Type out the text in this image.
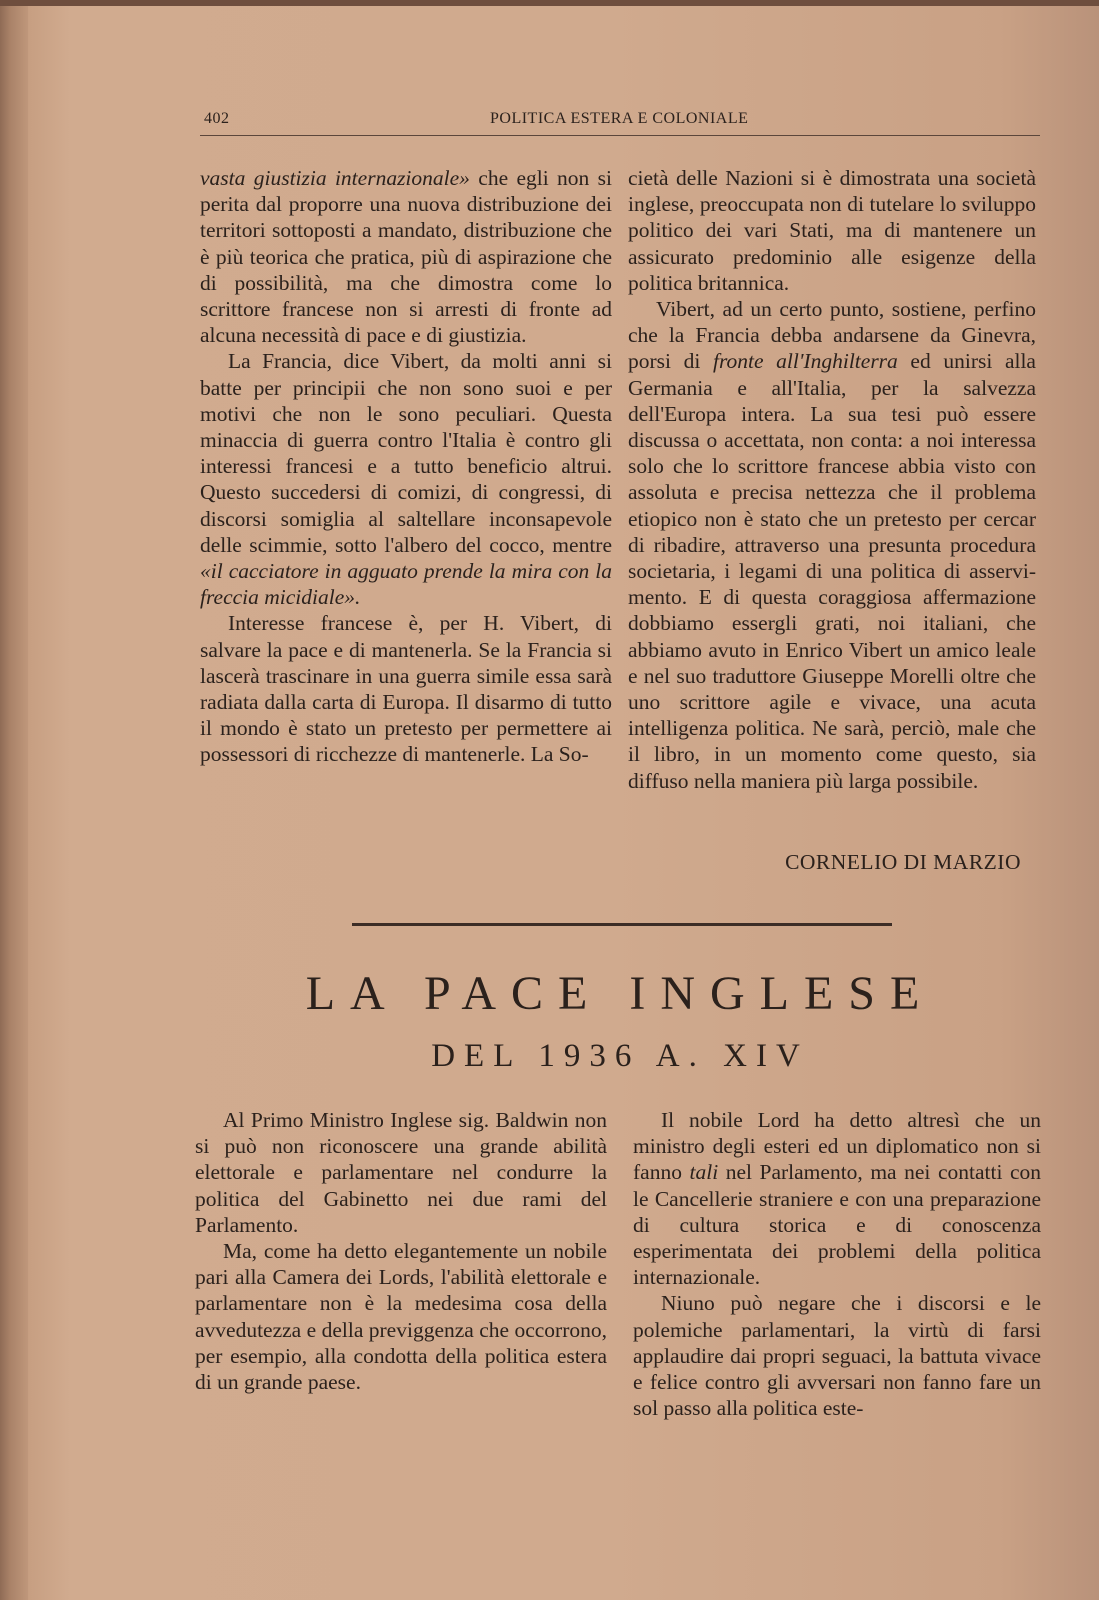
402	POLITICA ESTERA E COLONIALE

vasta giustizia internazionale» che egli non si perita dal proporre una nuova distribuzione dei territori sottoposti a mandato, distribuzione che è più teorica che pratica, più di aspirazione che di possibilità, ma che dimostra come lo scrittore francese non si arresti di fronte ad alcuna necessità di pace e di giustizia.

La Francia, dice Vibert, da molti anni si batte per principii che non sono suoi e per motivi che non le sono peculiari. Questa minaccia di guerra contro l'Italia è contro gli interessi francesi e a tutto beneficio altrui. Questo succedersi di comizi, di congressi, di discorsi somiglia al saltellare inconsapevole delle scimmie, sotto l'albero del cocco, mentre «il cacciatore in agguato prende la mira con la freccia micidiale».

Interesse francese è, per H. Vibert, di salvare la pace e di mantenerla. Se la Francia si lascerà trascinare in una guerra simile essa sarà radiata dalla carta di Europa. Il disarmo di tutto il mondo è stato un pretesto per permettere ai possessori di ricchezze di mantenerle. La So-

cietà delle Nazioni si è dimostrata una società inglese, preoccupata non di tutelare lo sviluppo politico dei vari Stati, ma di mantenere un assicurato predominio alle esigenze della politica britannica.

Vibert, ad un certo punto, sostiene, perfino che la Francia debba andarsene da Ginevra, porsi di fronte all'Inghilterra ed unirsi alla Germania e all'Italia, per la salvezza dell'Europa intera. La sua tesi può essere discussa o accettata, non conta: a noi interessa solo che lo scrittore francese abbia visto con assoluta e precisa nettezza che il problema etiopico non è stato che un pretesto per cercar di ribadire, attraverso una presunta procedura societaria, i legami di una politica di asservimento. E di questa coraggiosa affermazione dobbiamo essergli grati, noi italiani, che abbiamo avuto in Enrico Vibert un amico leale e nel suo traduttore Giuseppe Morelli oltre che uno scrittore agile e vivace, una acuta intelligenza politica. Ne sarà, perciò, male che il libro, in un momento come questo, sia diffuso nella maniera più larga possibile.

CORNELIO DI MARZIO
LA PACE INGLESE
DEL 1936 A. XIV

Al Primo Ministro Inglese sig. Baldwin non si può non riconoscere una grande abilità elettorale e parlamentare nel condurre la politica del Gabinetto nei due rami del Parlamento.

Ma, come ha detto elegantemente un nobile pari alla Camera dei Lords, l'abilità elettorale e parlamentare non è la medesima cosa della avvedutezza e della previggenza che occorrono, per esempio, alla condotta della politica estera di un grande paese.

Il nobile Lord ha detto altresì che un ministro degli esteri ed un diplomatico non si fanno tali nel Parlamento, ma nei contatti con le Cancellerie straniere e con una preparazione di cultura storica e di conoscenza esperimentata dei problemi della politica internazionale.

Niuno può negare che i discorsi e le polemiche parlamentari, la virtù di farsi applaudire dai propri seguaci, la battuta vivace e felice contro gli avversari non fanno fare un sol passo alla politica este-
